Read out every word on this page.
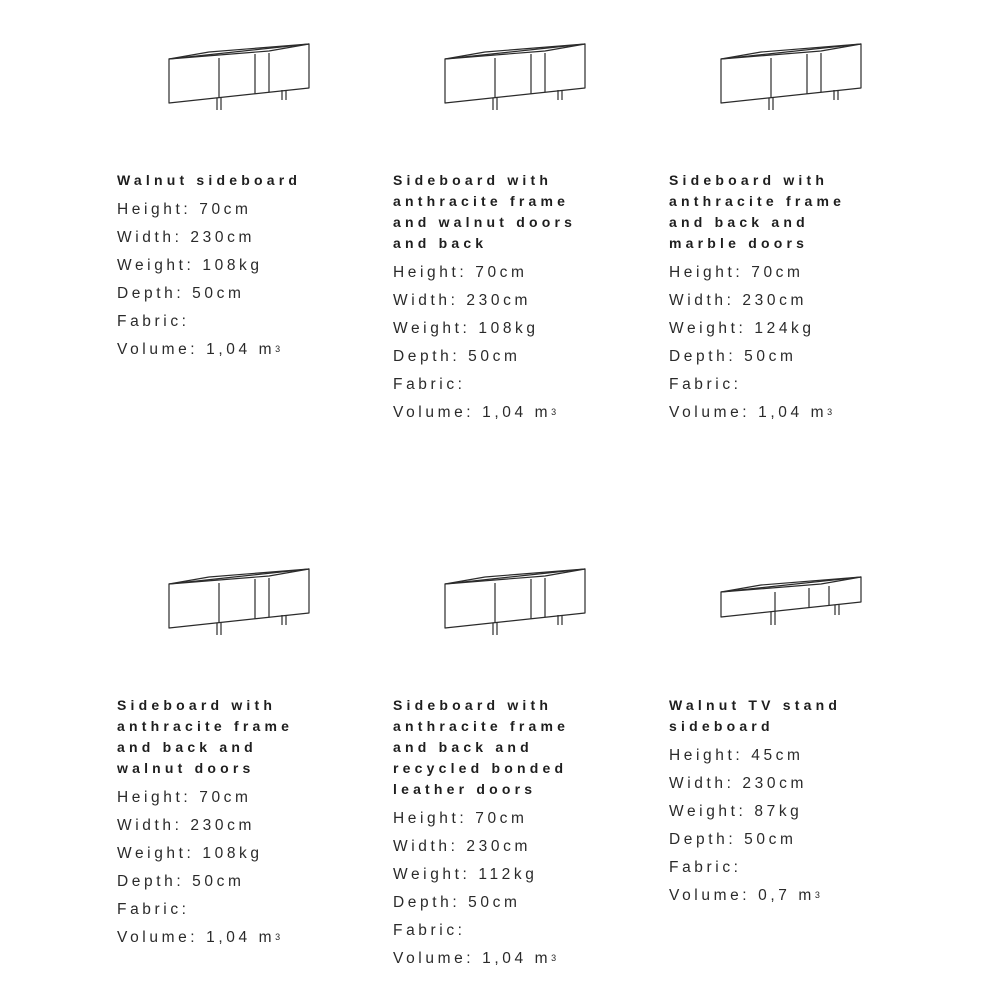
Walnut sideboard

Height: 70cm
Width: 230cm
Weight: 108kg
Depth: 50cm
Fabric:
Volume: 1,04 $m^3$

Sideboard with
anthracite frame
and walnut doors
and back

Height: 70cm
Width: 230cm
Weight: 108kg
Depth: 50cm
Fabric:
Volume: 1,04 $m^3$

Sideboard with
anthracite frame
and back and
marble doors

Height: 70cm
Width: 230cm
Weight: 124kg
Depth: 50cm
Fabric:
Volume: 1,04 $m^3$

Sideboard with
anthracite frame
and back and
walnut doors

Height: 70cm
Width: 230cm
Weight: 108kg
Depth: 50cm
Fabric:
Volume: 1,04 $m^3$

Sideboard with
anthracite frame
and back and
recycled bonded
leather doors

Height: 70cm
Width: 230cm
Weight: 112kg
Depth: 50cm
Fabric:
Volume: 1,04 $m^3$

Walnut TV stand
sideboard

Height: 45cm
Width: 230cm
Weight: 87kg
Depth: 50cm
Fabric:
Volume: 0,7 $m^3$
